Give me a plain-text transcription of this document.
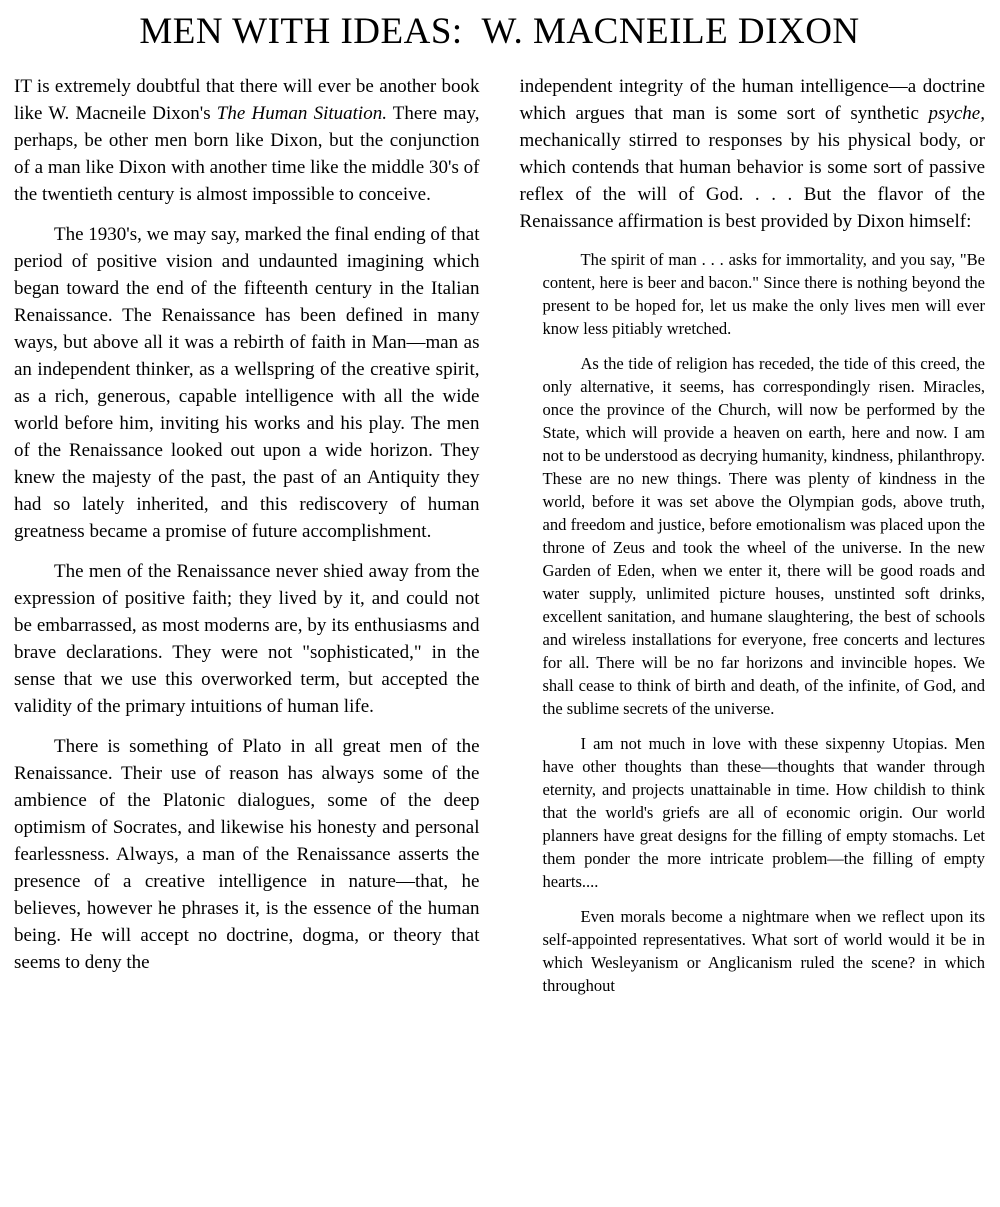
MEN WITH IDEAS:  W. MACNEILE DIXON

IT is extremely doubtful that there will ever be another book like W. Macneile Dixon's The Human Situation. There may, perhaps, be other men born like Dixon, but the conjunction of a man like Dixon with another time like the middle 30's of the twentieth century is almost impossible to conceive.

The 1930's, we may say, marked the final ending of that period of positive vision and undaunted imagining which began toward the end of the fifteenth century in the Italian Renaissance. The Renaissance has been defined in many ways, but above all it was a rebirth of faith in Man—man as an independent thinker, as a wellspring of the creative spirit, as a rich, generous, capable intelligence with all the wide world before him, inviting his works and his play. The men of the Renaissance looked out upon a wide horizon. They knew the majesty of the past, the past of an Antiquity they had so lately inherited, and this rediscovery of human greatness became a promise of future accomplishment.

The men of the Renaissance never shied away from the expression of positive faith; they lived by it, and could not be embarrassed, as most moderns are, by its enthusiasms and brave declarations. They were not "sophisticated," in the sense that we use this overworked term, but accepted the validity of the primary intuitions of human life.

There is something of Plato in all great men of the Renaissance. Their use of reason has always some of the ambience of the Platonic dialogues, some of the deep optimism of Socrates, and likewise his honesty and personal fearlessness. Always, a man of the Renaissance asserts the presence of a creative intelligence in nature—that, he believes, however he phrases it, is the essence of the human being. He will accept no doctrine, dogma, or theory that seems to deny the

independent integrity of the human intelligence—a doctrine which argues that man is some sort of synthetic psyche, mechanically stirred to responses by his physical body, or which contends that human behavior is some sort of passive reflex of the will of God. . . . But the flavor of the Renaissance affirmation is best provided by Dixon himself:

The spirit of man . . . asks for immortality, and you say, "Be content, here is beer and bacon." Since there is nothing beyond the present to be hoped for, let us make the only lives men will ever know less pitiably wretched.

As the tide of religion has receded, the tide of this creed, the only alternative, it seems, has correspondingly risen. Miracles, once the province of the Church, will now be performed by the State, which will provide a heaven on earth, here and now. I am not to be understood as decrying humanity, kindness, philanthropy. These are no new things. There was plenty of kindness in the world, before it was set above the Olympian gods, above truth, and freedom and justice, before emotionalism was placed upon the throne of Zeus and took the wheel of the universe. In the new Garden of Eden, when we enter it, there will be good roads and water supply, unlimited picture houses, unstinted soft drinks, excellent sanitation, and humane slaughtering, the best of schools and wireless installations for everyone, free concerts and lectures for all. There will be no far horizons and invincible hopes. We shall cease to think of birth and death, of the infinite, of God, and the sublime secrets of the universe.

I am not much in love with these sixpenny Utopias. Men have other thoughts than these—thoughts that wander through eternity, and projects unattainable in time. How childish to think that the world's griefs are all of economic origin. Our world planners have great designs for the filling of empty stomachs. Let them ponder the more intricate problem—the filling of empty hearts....

Even morals become a nightmare when we reflect upon its self-appointed representatives. What sort of world would it be in which Wesleyanism or Anglicanism ruled the scene? in which throughout
